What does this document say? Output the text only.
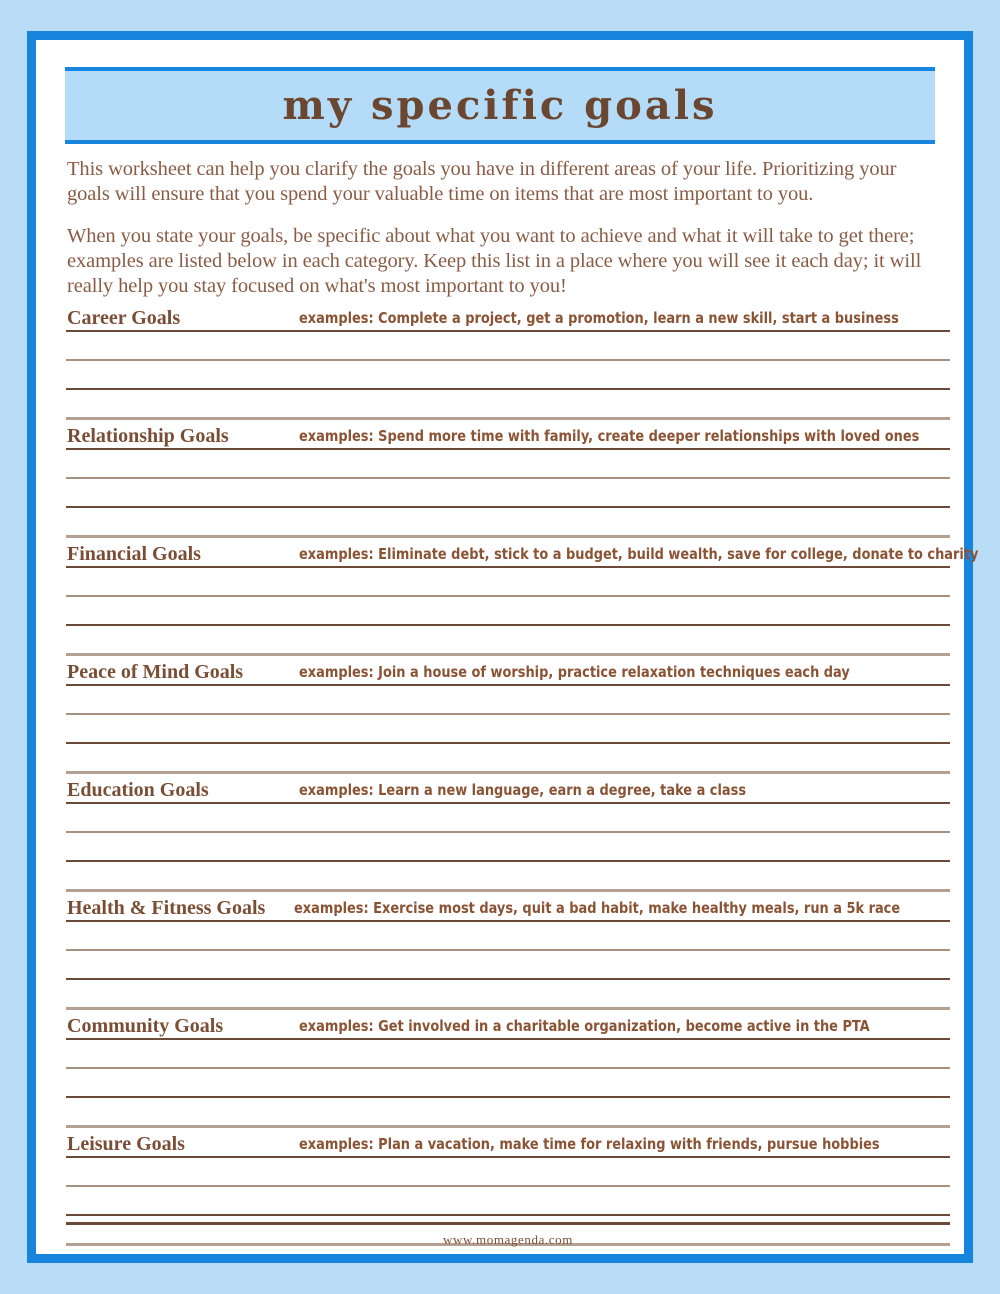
my specific goals

This worksheet can help you clarify the goals you have in different areas of your life. Prioritizing your goals will ensure that you spend your valuable time on items that are most important to you.

When you state your goals, be specific about what you want to achieve and what it will take to get there; examples are listed below in each category. Keep this list in a place where you will see it each day; it will really help you stay focused on what's most important to you!

Career Goals	examples: Complete a project, get a promotion, learn a new skill, start a business
Relationship Goals	examples: Spend more time with family, create deeper relationships with loved ones
Financial Goals	examples: Eliminate debt, stick to a budget, build wealth, save for college, donate to charity
Peace of Mind Goals	examples: Join a house of worship, practice relaxation techniques each day
Education Goals	examples: Learn a new language, earn a degree, take a class
Health & Fitness Goals examples: Exercise most days, quit a bad habit, make healthy meals, run a 5k race
Community Goals	examples: Get involved in a charitable organization, become active in the PTA
Leisure Goals	examples: Plan a vacation, make time for relaxing with friends, pursue hobbies
www.momagenda.com
